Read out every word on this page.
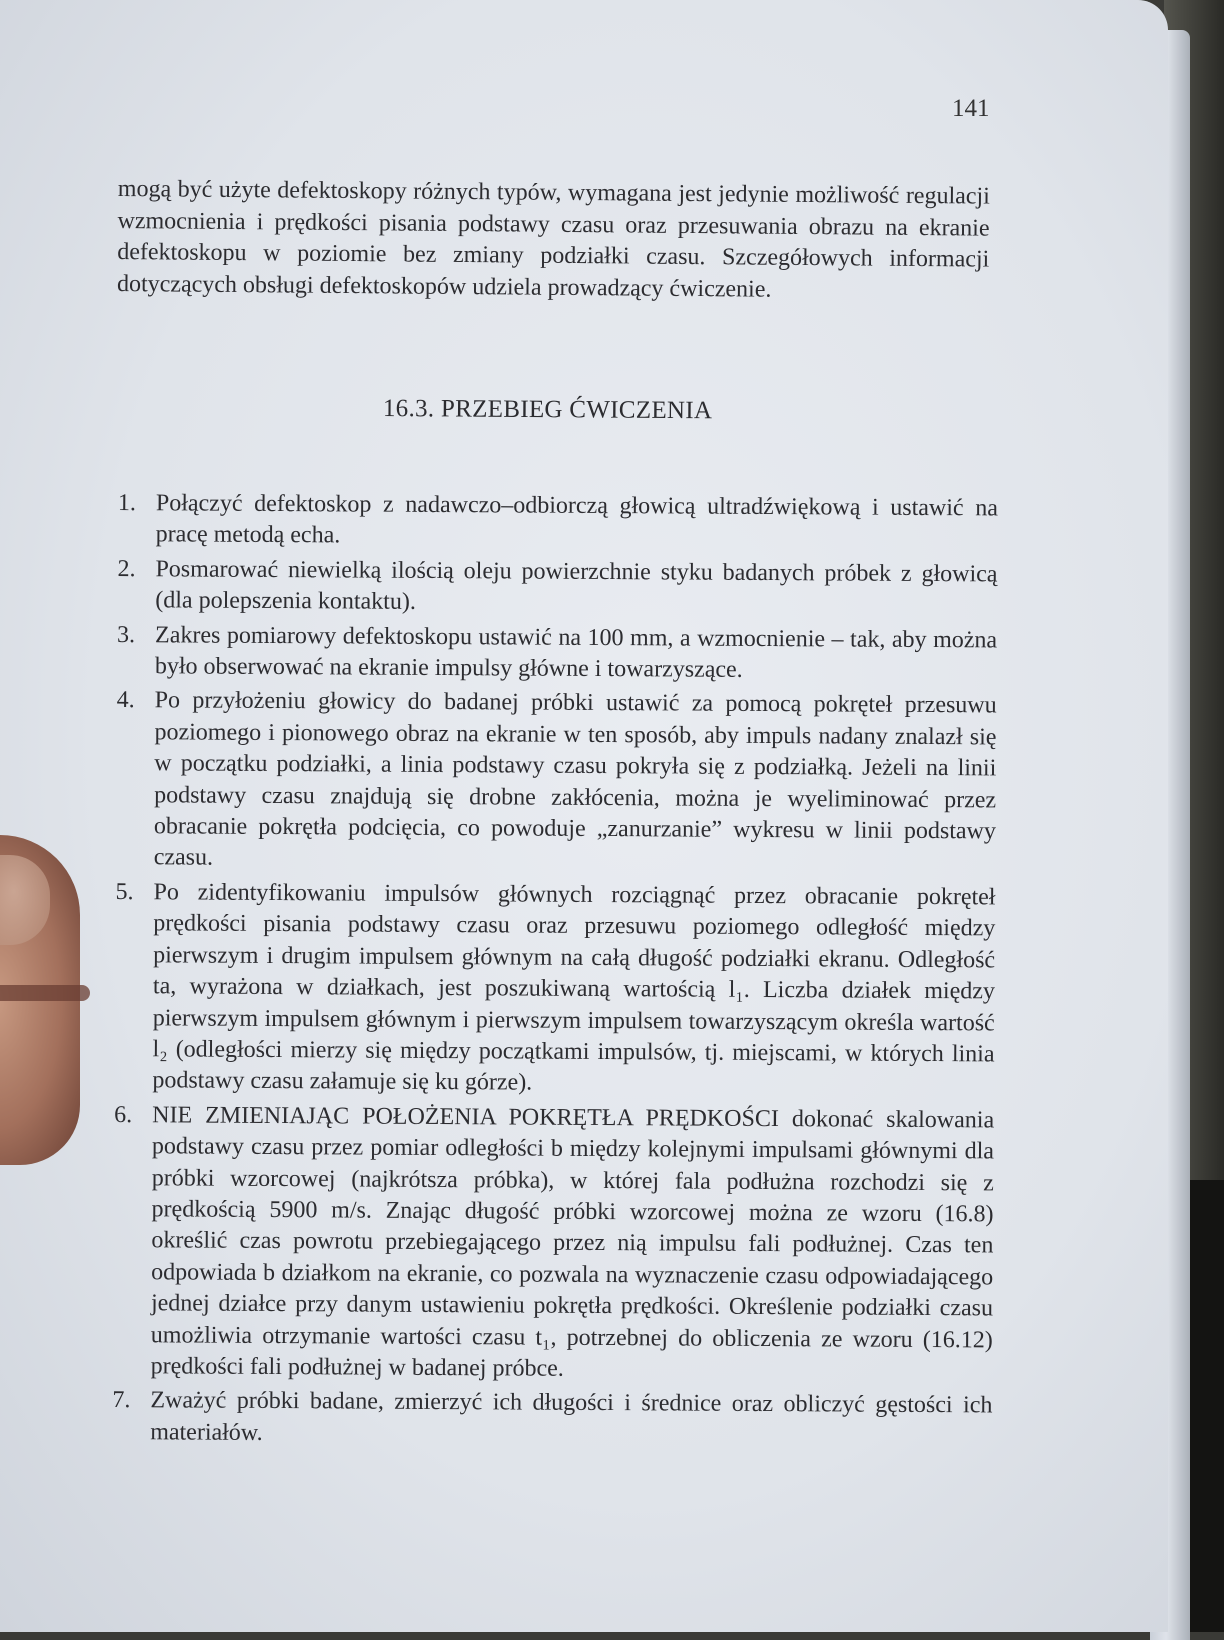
141

mogą być użyte defektoskopy różnych typów, wymagana jest jedynie możliwość regulacji wzmocnienia i prędkości pisania podstawy czasu oraz przesuwania obrazu na ekranie defektoskopu w poziomie bez zmiany podziałki czasu. Szczegółowych informacji dotyczących obsługi defektoskopów udziela prowadzący ćwiczenie.

16.3. PRZEBIEG ĆWICZENIA
1. Połączyć defektoskop z nadawczo–odbiorczą głowicą ultradźwiękową i ustawić na pracę metodą echa.
2. Posmarować niewielką ilością oleju powierzchnie styku badanych próbek z głowicą (dla polepszenia kontaktu).
3. Zakres pomiarowy defektoskopu ustawić na 100 mm, a wzmocnienie – tak, aby można było obserwować na ekranie impulsy główne i towarzyszące.
4. Po przyłożeniu głowicy do badanej próbki ustawić za pomocą pokręteł przesuwu poziomego i pionowego obraz na ekranie w ten sposób, aby impuls nadany znalazł się w początku podziałki, a linia podstawy czasu pokryła się z podziałką. Jeżeli na linii podstawy czasu znajdują się drobne zakłócenia, można je wyeliminować przez obracanie pokrętła podcięcia, co powoduje „zanurzanie” wykresu w linii podstawy czasu.
5. Po zidentyfikowaniu impulsów głównych rozciągnąć przez obracanie pokręteł prędkości pisania podstawy czasu oraz przesuwu poziomego odległość między pierwszym i drugim impulsem głównym na całą długość podziałki ekranu. Odległość ta, wyrażona w działkach, jest poszukiwaną wartością l₁. Liczba działek między pierwszym impulsem głównym i pierwszym impulsem towarzyszącym określa wartość l₂ (odległości mierzy się między początkami impulsów, tj. miejscami, w których linia podstawy czasu załamuje się ku górze).
6. NIE ZMIENIAJĄC POŁOŻENIA POKRĘTŁA PRĘDKOŚCI dokonać skalowania podstawy czasu przez pomiar odległości b między kolejnymi impulsami głównymi dla próbki wzorcowej (najkrótsza próbka), w której fala podłużna rozchodzi się z prędkością 5900 m/s. Znając długość próbki wzorcowej można ze wzoru (16.8) określić czas powrotu przebiegającego przez nią impulsu fali podłużnej. Czas ten odpowiada b działkom na ekranie, co pozwala na wyznaczenie czasu odpowiadającego jednej działce przy danym ustawieniu pokrętła prędkości. Określenie podziałki czasu umożliwia otrzymanie wartości czasu t₁, potrzebnej do obliczenia ze wzoru (16.12) prędkości fali podłużnej w badanej próbce.
7. Zważyć próbki badane, zmierzyć ich długości i średnice oraz obliczyć gęstości ich materiałów.
